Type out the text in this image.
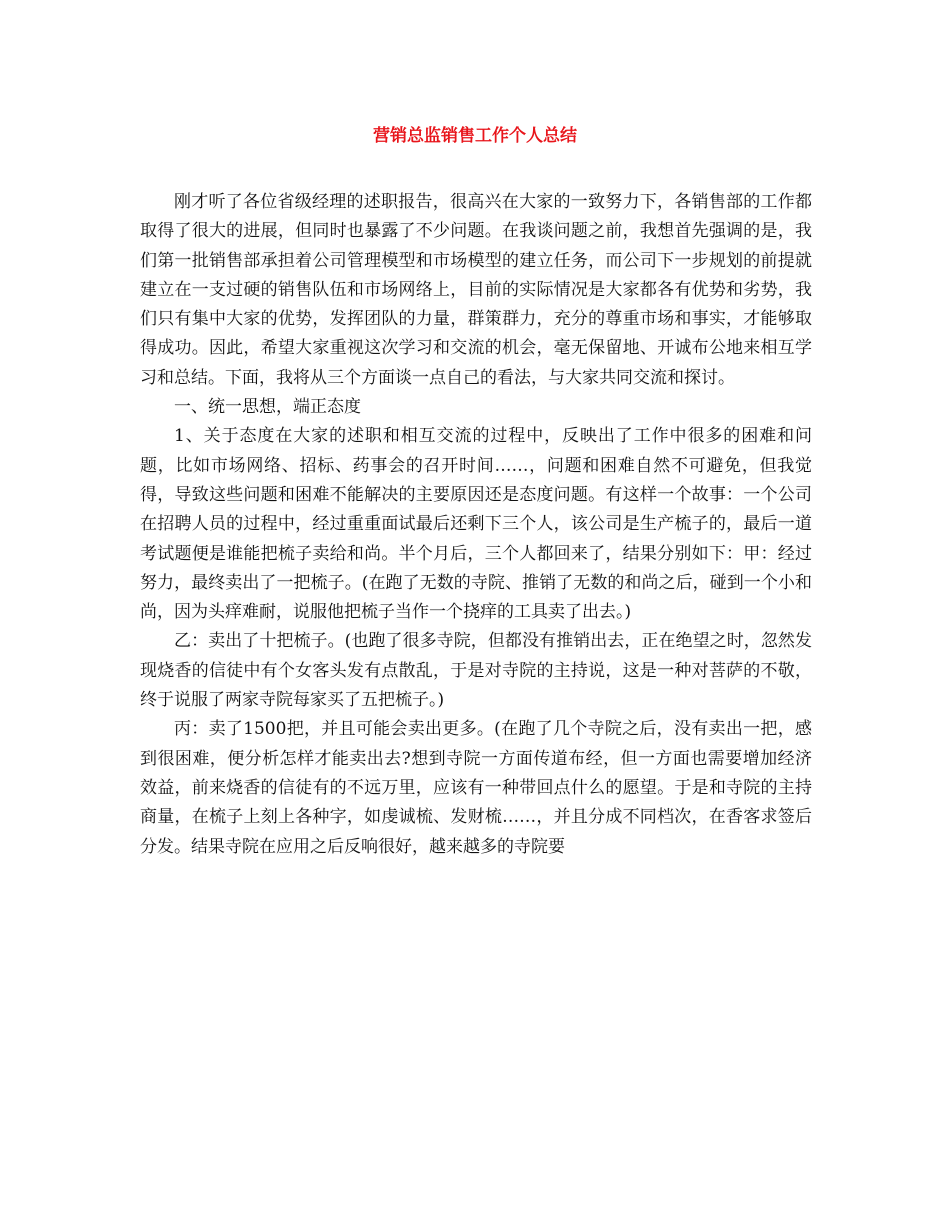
营销总监销售工作个人总结

刚才听了各位省级经理的述职报告，很高兴在大家的一致努力下，各销售部的工作都取得了很大的进展，但同时也暴露了不少问题。在我谈问题之前，我想首先强调的是，我们第一批销售部承担着公司管理模型和市场模型的建立任务，而公司下一步规划的前提就建立在一支过硬的销售队伍和市场网络上，目前的实际情况是大家都各有优势和劣势，我们只有集中大家的优势，发挥团队的力量，群策群力，充分的尊重市场和事实，才能够取得成功。因此，希望大家重视这次学习和交流的机会，毫无保留地、开诚布公地来相互学习和总结。下面，我将从三个方面谈一点自己的看法，与大家共同交流和探讨。

一、统一思想，端正态度

1、关于态度在大家的述职和相互交流的过程中，反映出了工作中很多的困难和问题，比如市场网络、招标、药事会的召开时间……，问题和困难自然不可避免，但我觉得，导致这些问题和困难不能解决的主要原因还是态度问题。有这样一个故事：一个公司在招聘人员的过程中，经过重重面试最后还剩下三个人，该公司是生产梳子的，最后一道考试题便是谁能把梳子卖给和尚。半个月后，三个人都回来了，结果分别如下：甲：经过努力，最终卖出了一把梳子。(在跑了无数的寺院、推销了无数的和尚之后，碰到一个小和尚，因为头痒难耐，说服他把梳子当作一个挠痒的工具卖了出去。)

乙：卖出了十把梳子。(也跑了很多寺院，但都没有推销出去，正在绝望之时，忽然发现烧香的信徒中有个女客头发有点散乱，于是对寺院的主持说，这是一种对菩萨的不敬，终于说服了两家寺院每家买了五把梳子。)

丙：卖了1500把，并且可能会卖出更多。(在跑了几个寺院之后，没有卖出一把，感到很困难，便分析怎样才能卖出去?想到寺院一方面传道布经，但一方面也需要增加经济效益，前来烧香的信徒有的不远万里，应该有一种带回点什么的愿望。于是和寺院的主持商量，在梳子上刻上各种字，如虔诚梳、发财梳……，并且分成不同档次，在香客求签后分发。结果寺院在应用之后反响很好，越来越多的寺院要
